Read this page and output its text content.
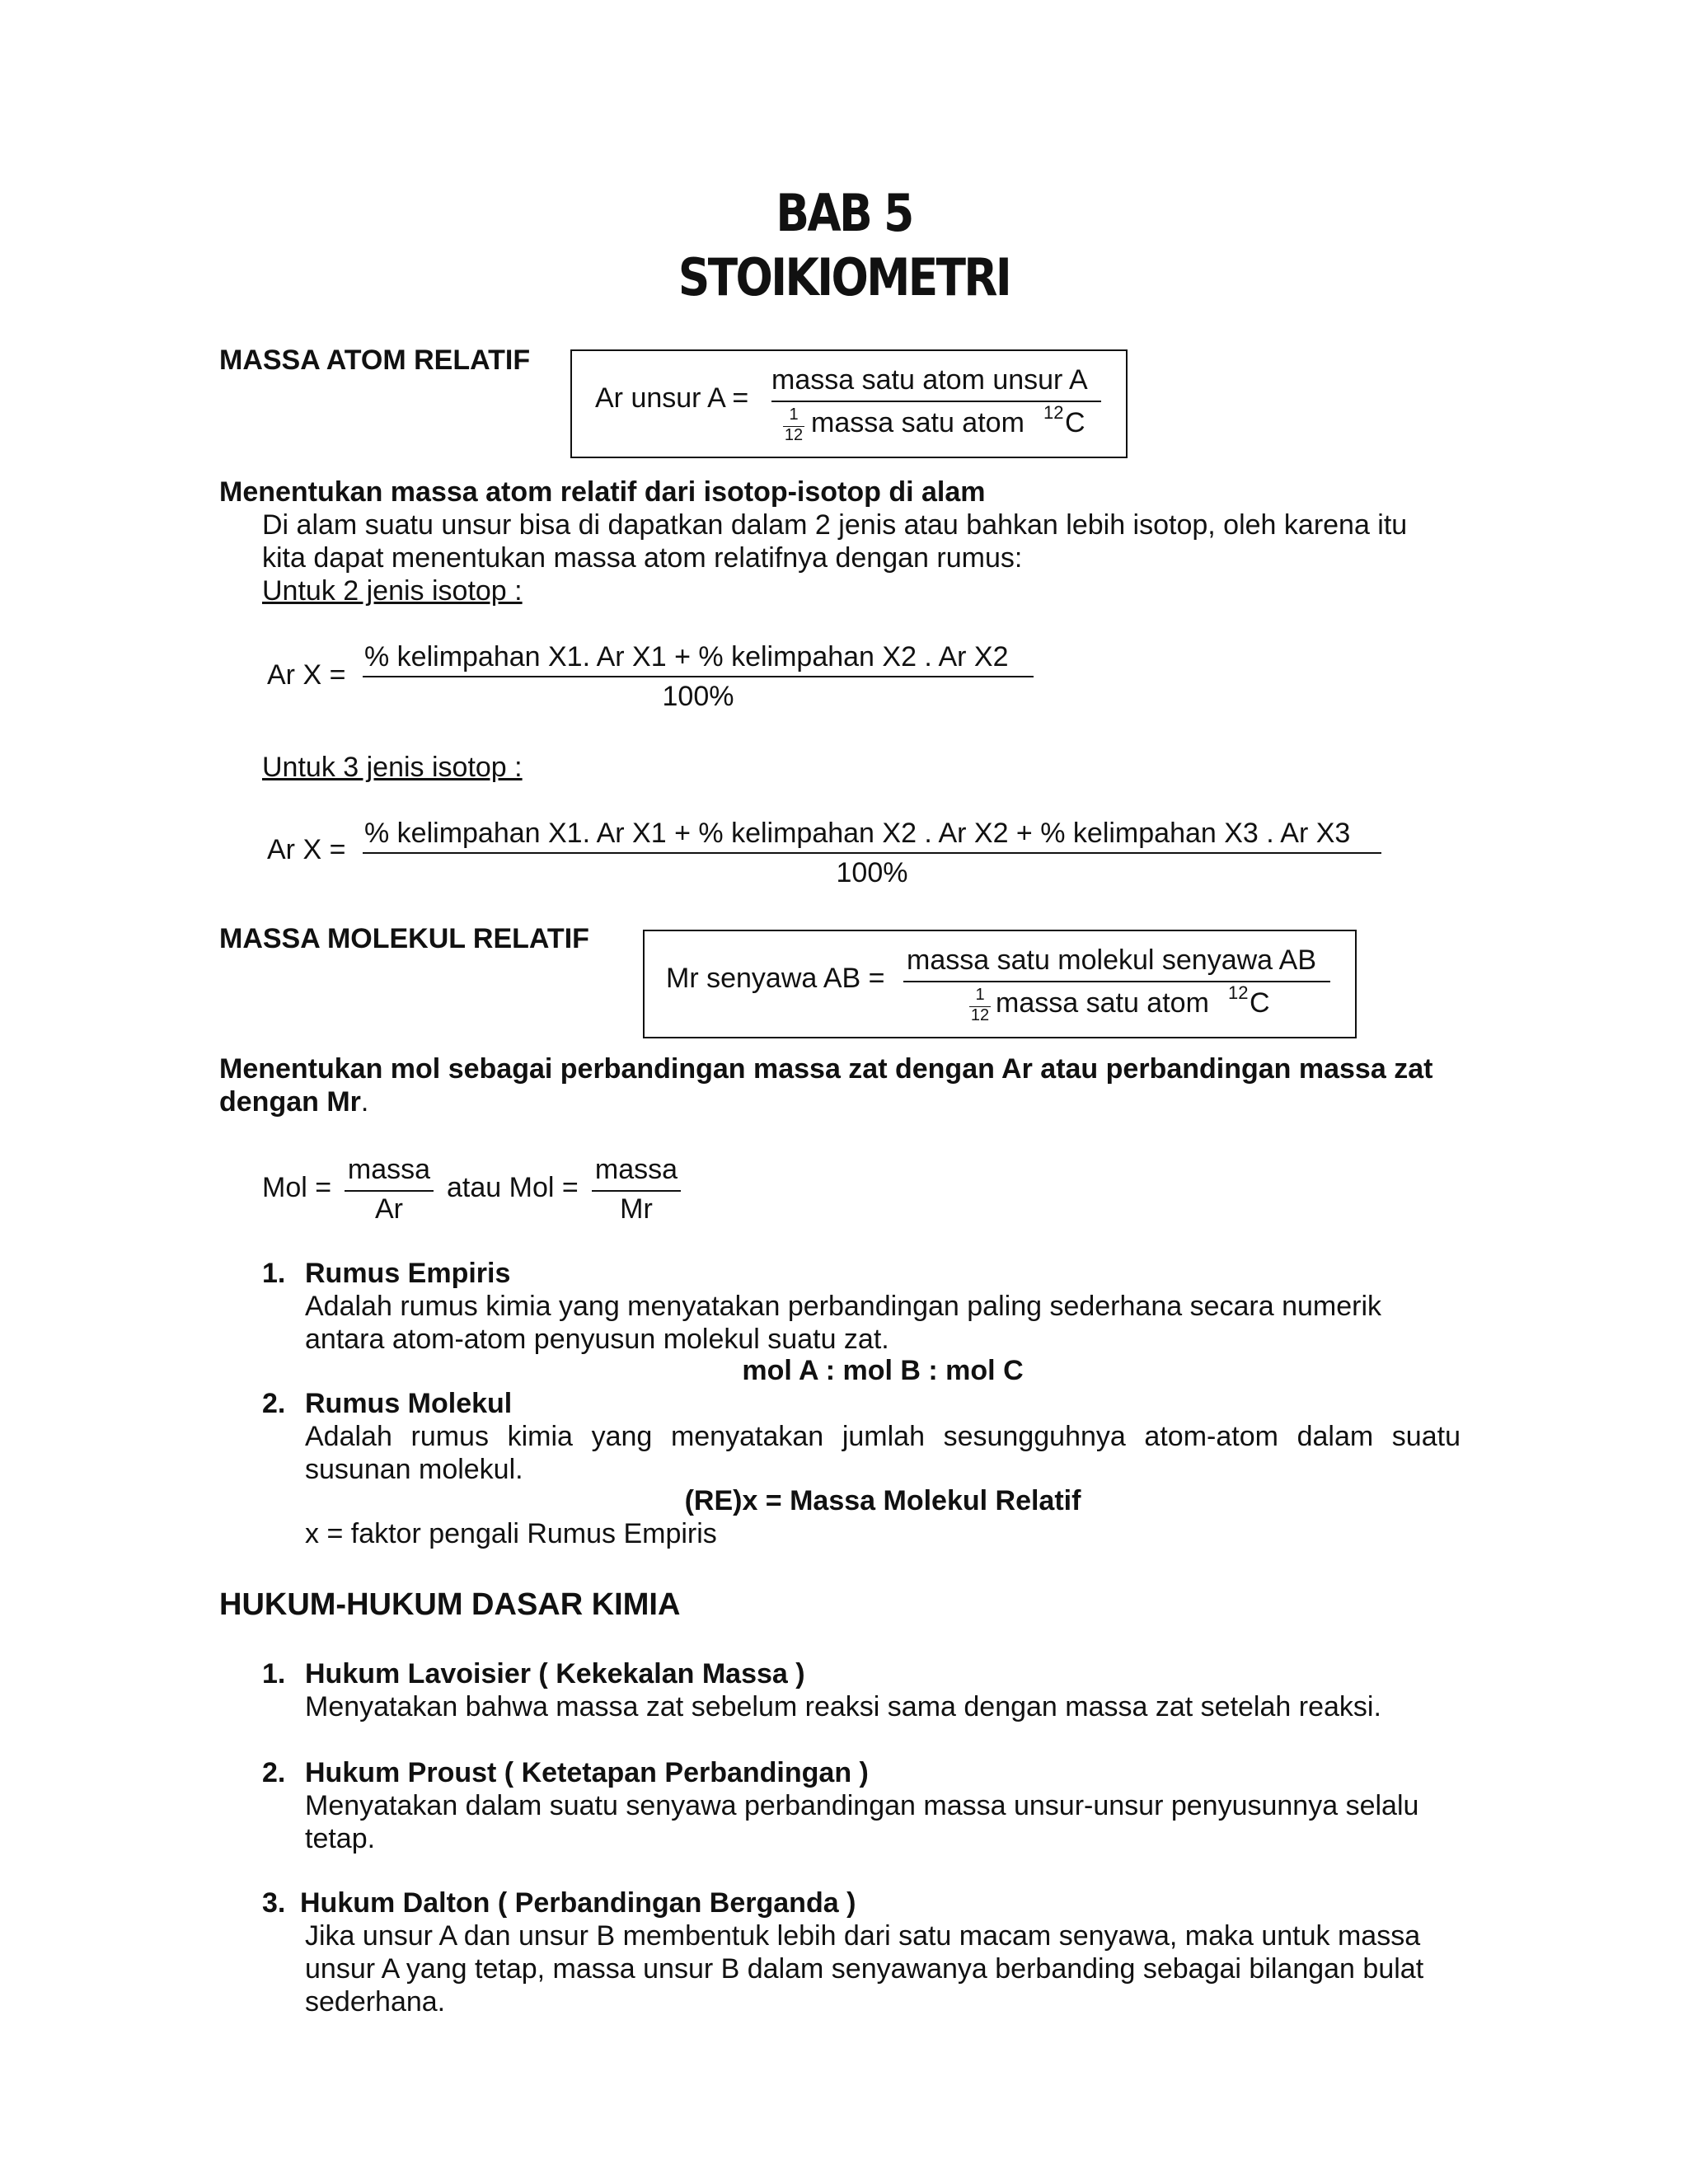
BAB 5
STOIKIOMETRI
MASSA ATOM RELATIF
Ar unsur A =
massa satu atom unsur A
1
12 massa satu atom 12 C
Menentukan massa atom relatif dari isotop-isotop di alam
Di alam suatu unsur bisa di dapatkan dalam 2 jenis atau bahkan lebih isotop, oleh karena itu
kita dapat menentukan massa atom relatifnya dengan rumus:
Untuk 2 jenis isotop :
Ar X =
% kelimpahan X1. Ar X1 + % kelimpahan X2 . Ar X2
100%
Untuk 3 jenis isotop :
Ar X =
% kelimpahan X1. Ar X1 + % kelimpahan X2 . Ar X2 + % kelimpahan X3 . Ar X3
100%
MASSA MOLEKUL RELATIF
Mr senyawa AB =
massa satu molekul senyawa AB
1
12 massa satu atom 12 C
Menentukan mol sebagai perbandingan massa zat dengan Ar atau perbandingan massa zat
dengan Mr.
Mol =
massa
Ar
atau Mol =
massa
Mr
1. Rumus Empiris
Adalah rumus kimia yang menyatakan perbandingan paling sederhana secara numerik
antara atom-atom penyusun molekul suatu zat.
mol A : mol B : mol C
2. Rumus Molekul
Adalah rumus kimia yang menyatakan jumlah sesungguhnya atom-atom dalam suatu
susunan molekul.
(RE)x = Massa Molekul Relatif
x = faktor pengali Rumus Empiris
HUKUM-HUKUM DASAR KIMIA
1. Hukum Lavoisier ( Kekekalan Massa )
Menyatakan bahwa massa zat sebelum reaksi sama dengan massa zat setelah reaksi.
2. Hukum Proust ( Ketetapan Perbandingan )
Menyatakan dalam suatu senyawa perbandingan massa unsur-unsur penyusunnya selalu
tetap.
3. Hukum Dalton ( Perbandingan Berganda )
Jika unsur A dan unsur B membentuk lebih dari satu macam senyawa, maka untuk massa
unsur A yang tetap, massa unsur B dalam senyawanya berbanding sebagai bilangan bulat
sederhana.
